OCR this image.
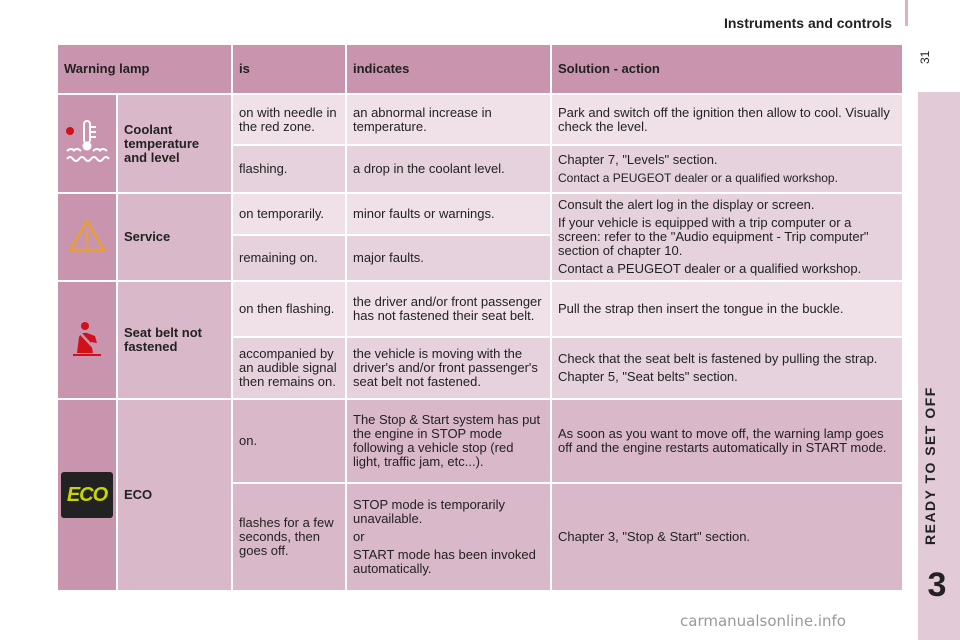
Instruments and controls
31
READY TO SET OFF
3
Warning lamp		is	indicates	Solution - action
	Coolant temperature and level	on with needle in the red zone.	an abnormal increase in temperature.	Park and switch off the ignition then allow to cool. Visually check the level.

		flashing.	a drop in the coolant level.	Chapter 7, "Levels" section.
Contact a PEUGEOT dealer or a qualified workshop.

	Service	on temporarily.	minor faults or warnings.	Consult the alert log in the display or screen.
If your vehicle is equipped with a trip computer or a screen: refer to the "Audio equipment - Trip computer" section of chapter 10.
Contact a PEUGEOT dealer or a qualified workshop.

		remaining on.	major faults.	
	Seat belt not fastened	on then flashing.	the driver and/or front passenger has not fastened their seat belt.	Pull the strap then insert the tongue in the buckle.

		accompanied by an audible signal then remains on.	the vehicle is moving with the driver's and/or front passenger's seat belt not fastened.	Check that the seat belt is fastened by pulling the strap.
Chapter 5, "Seat belts" section.

ECO	ECO	on.	The Stop & Start system has put the engine in STOP mode following a vehicle stop (red light, traffic jam, etc...).	As soon as you want to move off, the warning lamp goes off and the engine restarts automatically in START mode.

		flashes for a few seconds, then goes off.	STOP mode is temporarily unavailable.
or
START mode has been invoked automatically.	Chapter 3, "Stop & Start" section.
carmanualsonline.info
